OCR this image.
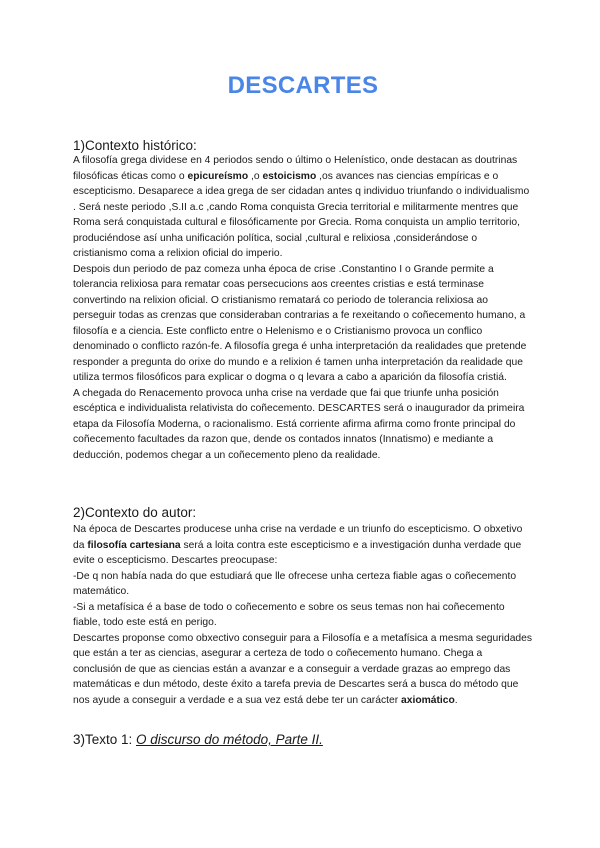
DESCARTES
1)Contexto histórico:

A filosofía grega dividese en 4 periodos sendo o último o Helenístico, onde destacan as doutrinas filosóficas éticas como o epicureísmo ,o estoicismo ,os avances nas ciencias empíricas e o escepticismo. Desaparece a idea grega de ser cidadan antes q individuo triunfando o individualismo . Será neste periodo ,S.II a.c ,cando Roma conquista Grecia territorial e militarmente mentres que Roma será conquistada cultural e filosóficamente por Grecia. Roma conquista un amplio territorio, produciéndose así unha unificación política, social ,cultural e relixiosa ,considerándose o cristianismo coma a relixion oficial do imperio.

Despois dun periodo de paz comeza unha época de crise .Constantino I o Grande permite a tolerancia relixiosa para rematar coas persecucions aos creentes cristias e está terminase convertindo na relixion oficial. O cristianismo rematará co periodo de tolerancia relixiosa ao perseguir todas as crenzas que consideraban contrarias a fe rexeitando o coñecemento humano, a filosofía e a ciencia. Este conflicto entre o Helenismo e o Cristianismo provoca un conflico denominado o conflicto razón-fe. A filosofía grega é unha interpretación da realidades que pretende responder a pregunta do orixe do mundo e a relixion é tamen unha interpretación da realidade que utiliza termos filosóficos para explicar o dogma o q levara a cabo a aparición da filosofía cristiá.

A chegada do Renacemento provoca unha crise na verdade que fai que triunfe unha posición escéptica e individualista relativista do coñecemento. DESCARTES será o inaugurador da primeira etapa da Filosofía Moderna, o racionalismo. Está corriente afirma afirma como fronte principal do coñecemento facultades da razon que, dende os contados innatos (Innatismo) e mediante a deducción, podemos chegar a un coñecemento pleno da realidade.

2)Contexto do autor:

Na época de Descartes producese unha crise na verdade e un triunfo do escepticismo. O obxetivo da filosofía cartesiana será a loita contra este escepticismo e a investigación dunha verdade que evite o escepticismo. Descartes preocupase:

-De q non había nada do que estudiará que lle ofrecese unha certeza fiable agas o coñecemento matemático.

-Si a metafísica é a base de todo o coñecemento e sobre os seus temas non hai coñecemento fiable, todo este está en perigo.

Descartes proponse como obxectivo conseguir para a Filosofía e a metafísica a mesma seguridades que están a ter as ciencias, asegurar a certeza de todo o coñecemento humano. Chega a conclusión de que as ciencias están a avanzar e a conseguir a verdade grazas ao emprego das matemáticas e dun método, deste éxito a tarefa previa de Descartes será a busca do método que nos ayude a conseguir a verdade e a sua vez está debe ter un carácter axiomático.

3)Texto 1: O discurso do método, Parte II.
